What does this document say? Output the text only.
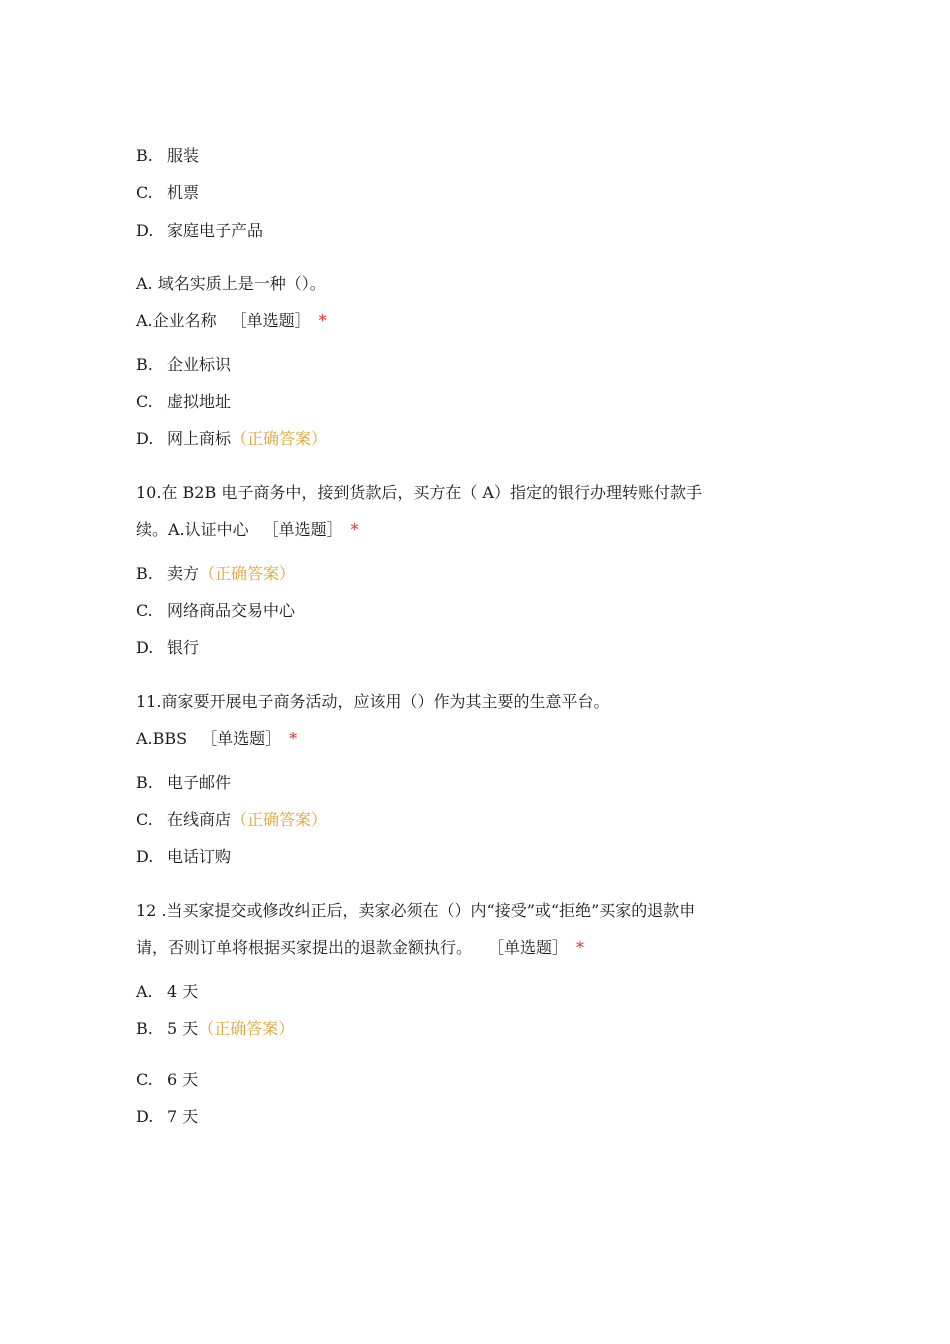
B. 服装
C. 机票
D. 家庭电子产品
A. 域名实质上是一种（）。
A.企业名称 ［单选题］ *
B. 企业标识
C. 虚拟地址
D. 网上商标（正确答案）
10.在 B2B 电子商务中，接到货款后，买方在（ A）指定的银行办理转账付款手
续。A.认证中心 ［单选题］ *
B. 卖方（正确答案）
C. 网络商品交易中心
D. 银行
11.商家要开展电子商务活动，应该用（）作为其主要的生意平台。
A.BBS ［单选题］ *
B. 电子邮件
C. 在线商店（正确答案）
D. 电话订购
12 .当买家提交或修改纠正后，卖家必须在（）内“接受”或“拒绝”买家的退款申
请，否则订单将根据买家提出的退款金额执行。 ［单选题］ *
A. 4 天
B. 5 天（正确答案）
C. 6 天
D. 7 天
